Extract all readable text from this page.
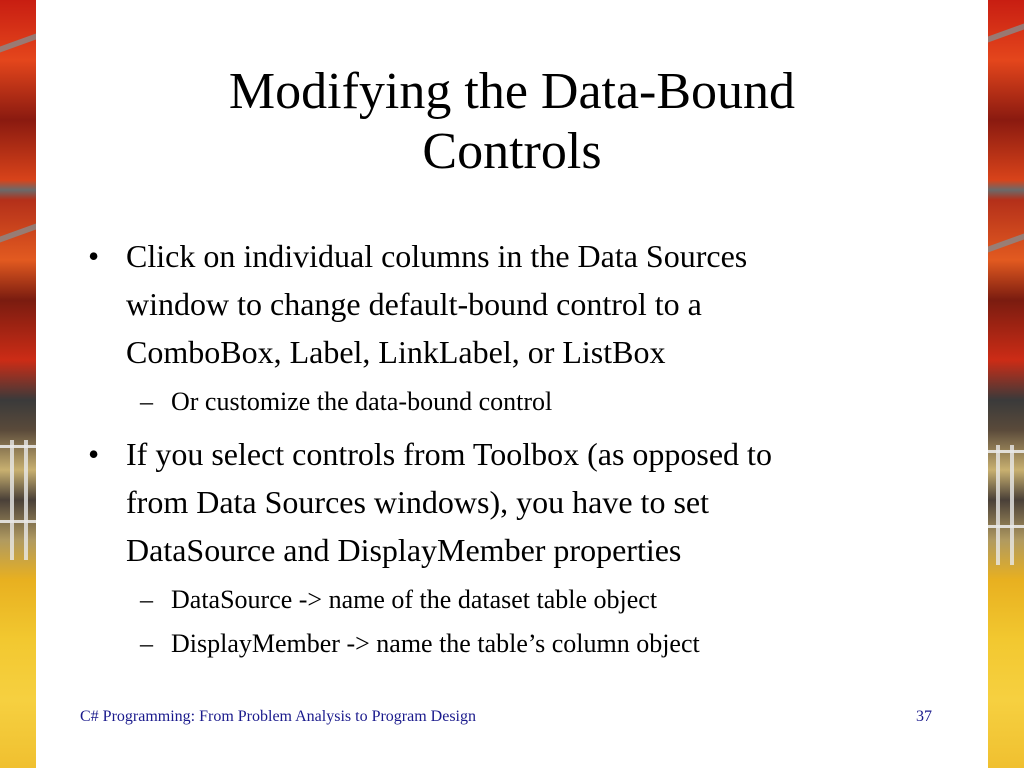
Modifying the Data-Bound
Controls
• Click on individual columns in the Data Sources
window to change default-bound control to a
ComboBox, Label, LinkLabel, or ListBox
– Or customize the data-bound control
• If you select controls from Toolbox (as opposed to
from Data Sources windows), you have to set
DataSource and DisplayMember properties
– DataSource -> name of the dataset table object
– DisplayMember -> name the table’s column object
C# Programming: From Problem Analysis to Program Design	37
